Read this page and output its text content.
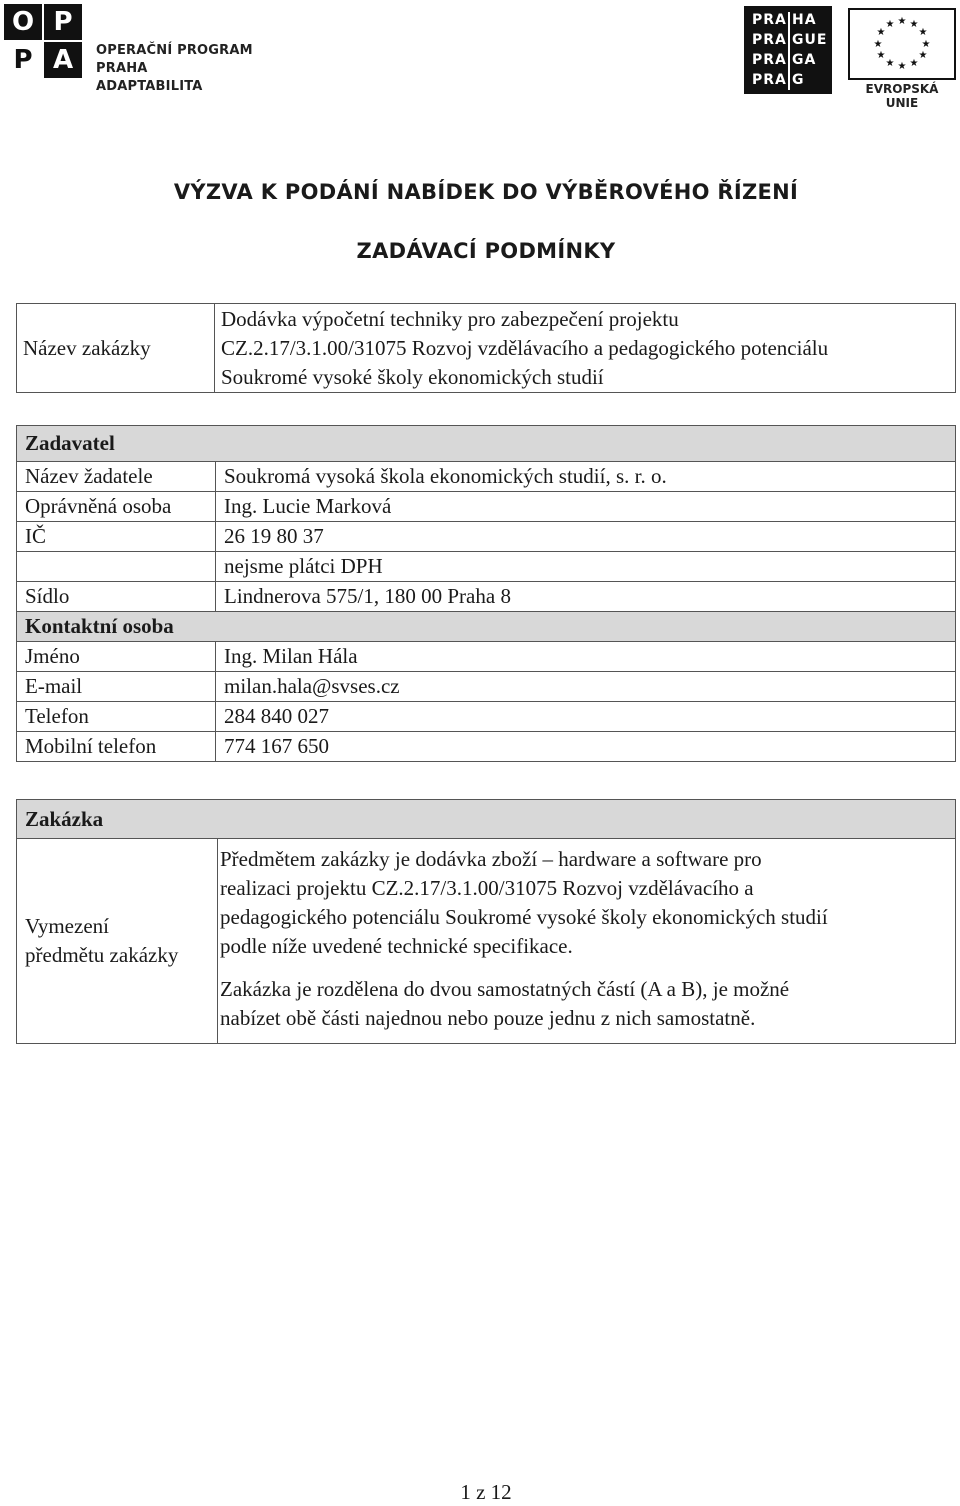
O P
P A	OPERAČNÍ PROGRAM PRAHA
ADAPTABILITA
PRA HA
PRA GUE
PRA GA
PRA G
★ ★
★
★
★
★
★
★
★
★
★
★
EVROPSKÁ UNIE
VÝZVA K PODÁNÍ NABÍDEK DO VÝBĚROVÉHO ŘÍZENÍ
ZADÁVACÍ PODMÍNKY
Název zakázky	
Dodávka výpočetní techniky pro zabezpečení projektu
CZ.2.17/3.1.00/31075 Rozvoj vzdělávacího a pedagogického potenciálu
Soukromé vysoké školy ekonomických studií
Zadavatel	
Název žadatele	Soukromá vysoká škola ekonomických studií, s. r. o.
Oprávněná osoba	Ing. Lucie Marková
IČ	26 19 80 37
	nejsme plátci DPH
Sídlo	Lindnerova 575/1, 180 00 Praha 8
Kontaktní osoba	
Jméno	Ing. Milan Hála
E-mail	milan.hala@svses.cz
Telefon	284 840 027
Mobilní telefon	774 167 650
Zakázka

Vymezení
předmětu zakázky

Předmětem zakázky je dodávka zboží – hardware a software pro
realizaci projektu CZ.2.17/3.1.00/31075 Rozvoj vzdělávacího a
pedagogického potenciálu Soukromé vysoké školy ekonomických studií
podle níže uvedené technické specifikace.
Zakázka je rozdělena do dvou samostatných částí (A a B), je možné
nabízet obě části najednou nebo pouze jednu z nich samostatně.
1 z 12
